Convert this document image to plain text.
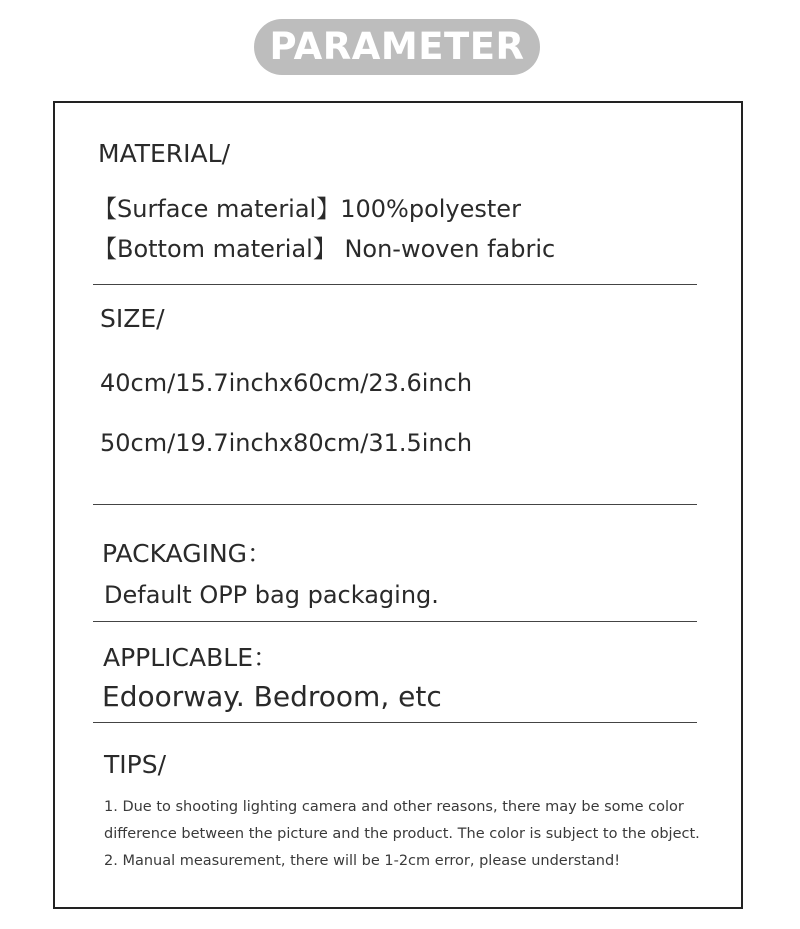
PARAMETER
MATERIAL/
【Surface material】100%polyester
【Bottom material】 Non-woven fabric
SIZE/
40cm/15.7inchx60cm/23.6inch
50cm/19.7inchx80cm/31.5inch
PACKAGING：
Default OPP bag packaging.
APPLICABLE：
Edoorway. Bedroom, etc
TIPS/
1. Due to shooting lighting camera and other reasons, there may be some color
difference between the picture and the product. The color is subject to the object.
2. Manual measurement, there will be 1-2cm error, please understand!
